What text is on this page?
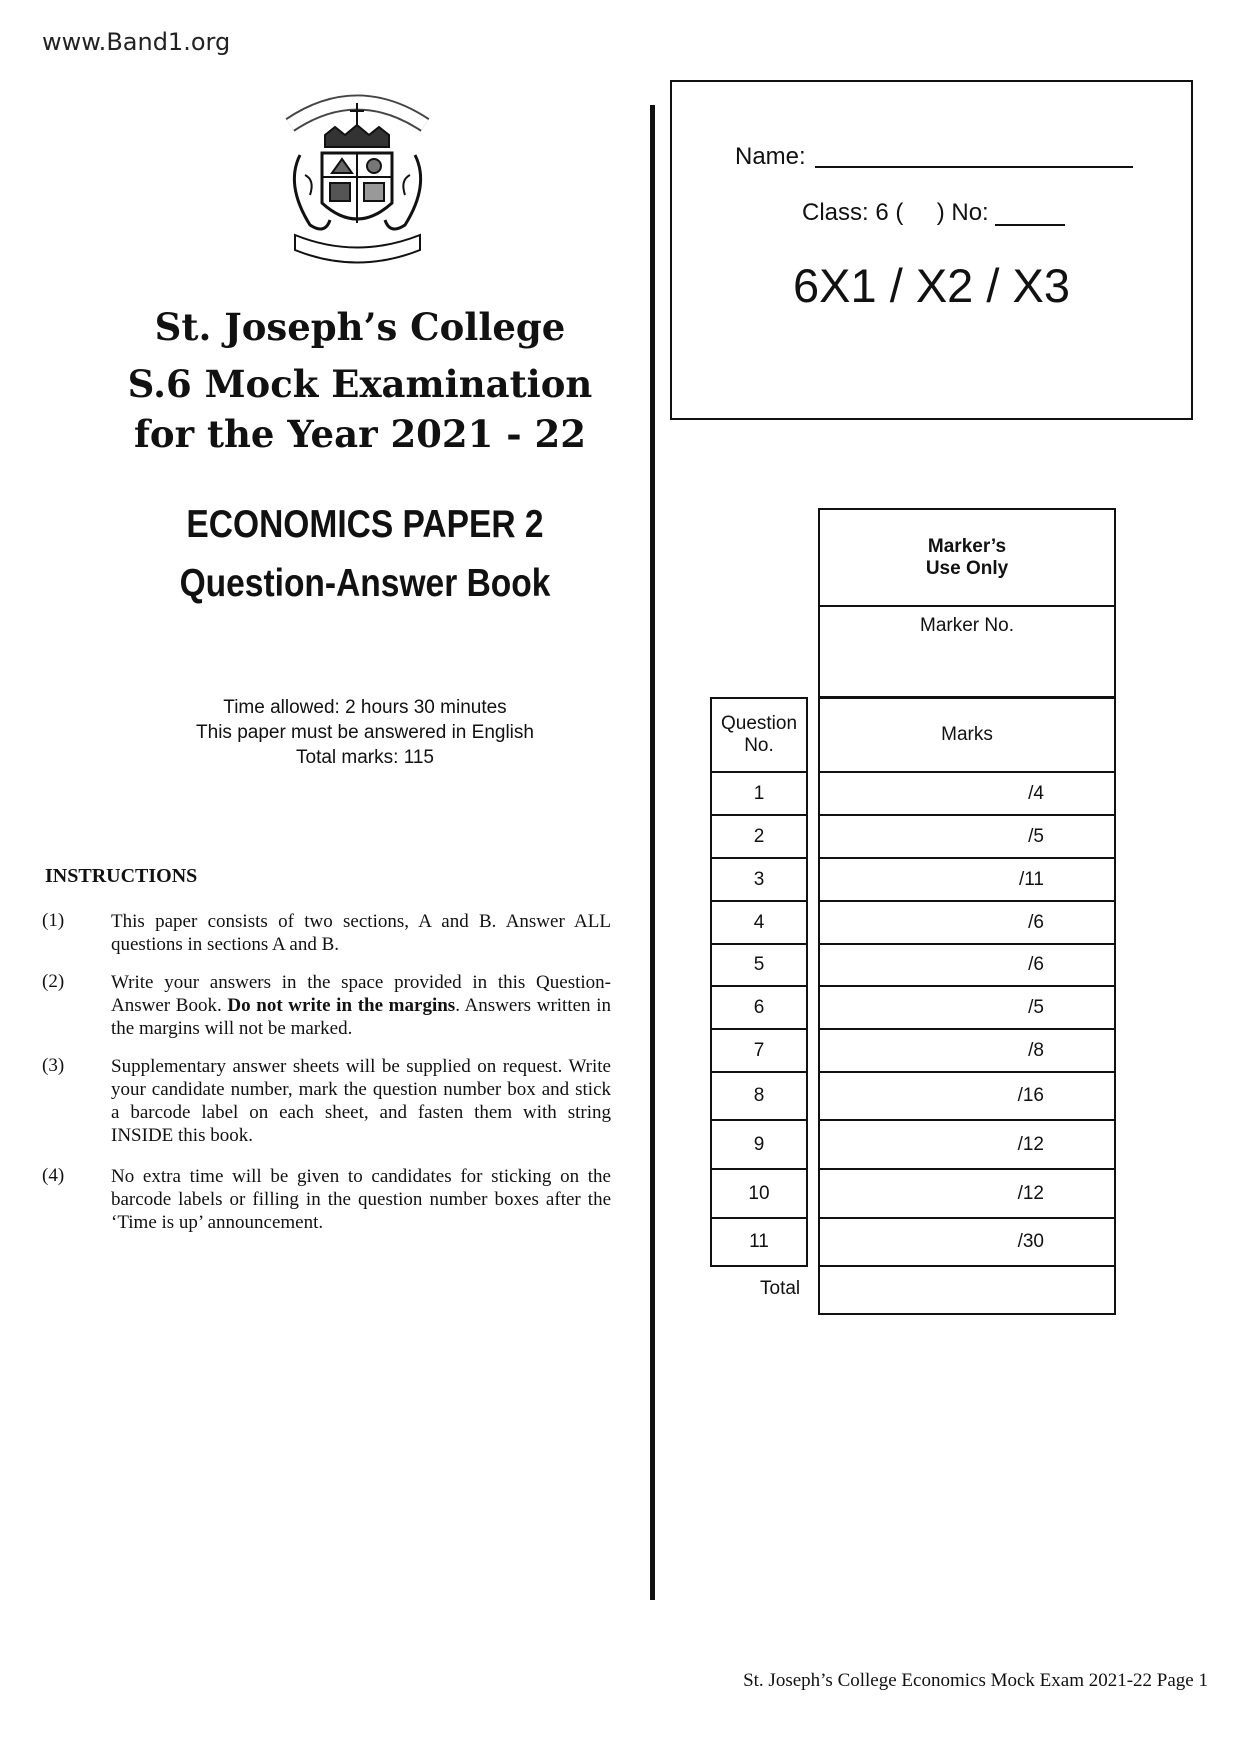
www.Band1.org
St. Joseph’s College
S.6 Mock Examination
for the Year 2021 - 22
ECONOMICS PAPER 2
Question-Answer Book
Time allowed: 2 hours 30 minutes
This paper must be answered in English
Total marks: 115
INSTRUCTIONS
(1) This paper consists of two sections, A and B. Answer ALL questions in sections A and B.
(2) Write your answers in the space provided in this Question-Answer Book. Do not write in the margins. Answers written in the margins will not be marked.
(3) Supplementary answer sheets will be supplied on request. Write your candidate number, mark the question number box and stick a barcode label on each sheet, and fasten them with string INSIDE this book.
(4) No extra time will be given to candidates for sticking on the barcode labels or filling in the question number boxes after the ‘Time is up’ announcement.
Name:
Class: 6 (     ) No:
6X1 / X2 / X3
Marker’s
Use Only
Marker No.
Question
No.
Marks
1	/4
2	/5
3	/11
4	/6
5	/6
6	/5
7	/8
8	/16
9	/12
10	/12
11	/30
Total
St. Joseph’s College Economics Mock Exam 2021-22 Page 1
